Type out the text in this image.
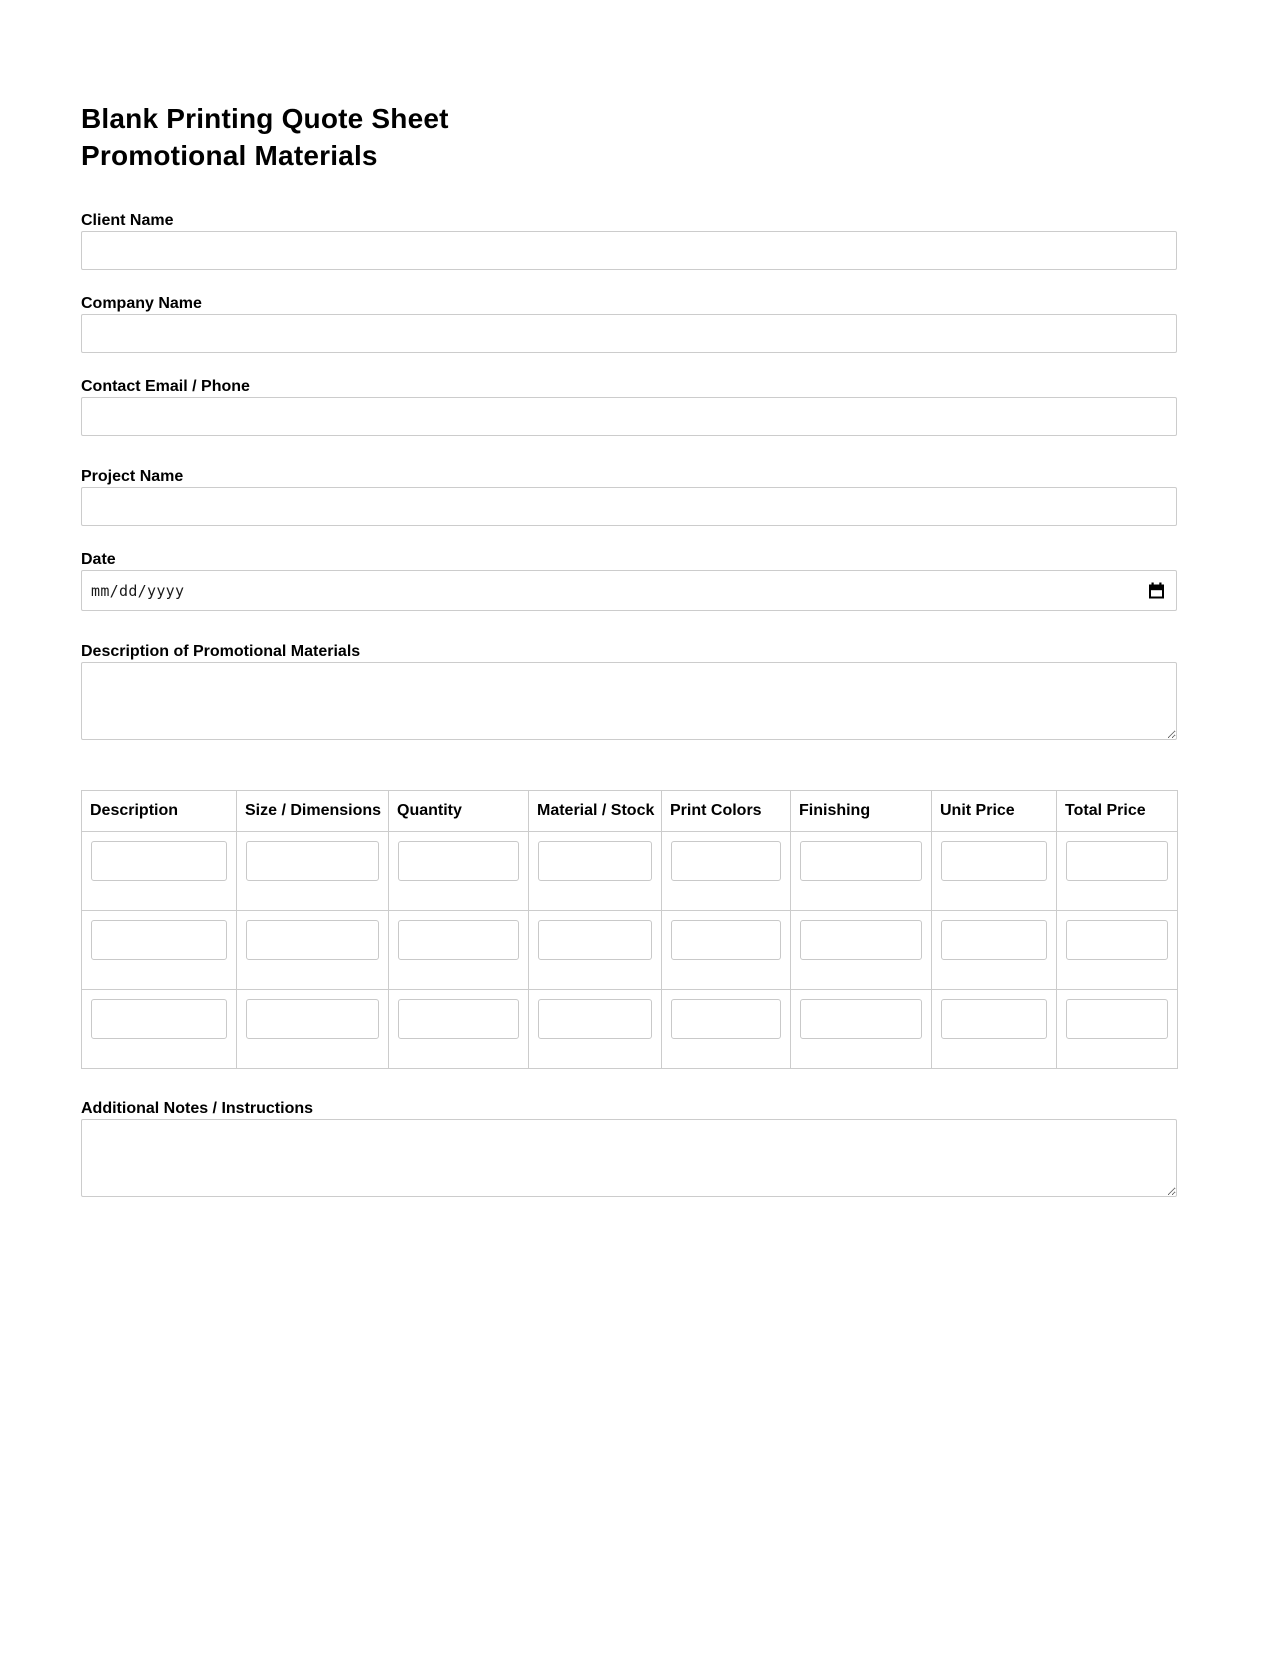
Blank Printing Quote Sheet
Promotional Materials
Client Name
Company Name
Contact Email / Phone
Project Name
Date
mm/dd/yyyy
Description of Promotional Materials
Description	Size / Dimensions	Quantity	Material / Stock	Print Colors	Finishing	Unit Price	Total Price

Additional Notes / Instructions
